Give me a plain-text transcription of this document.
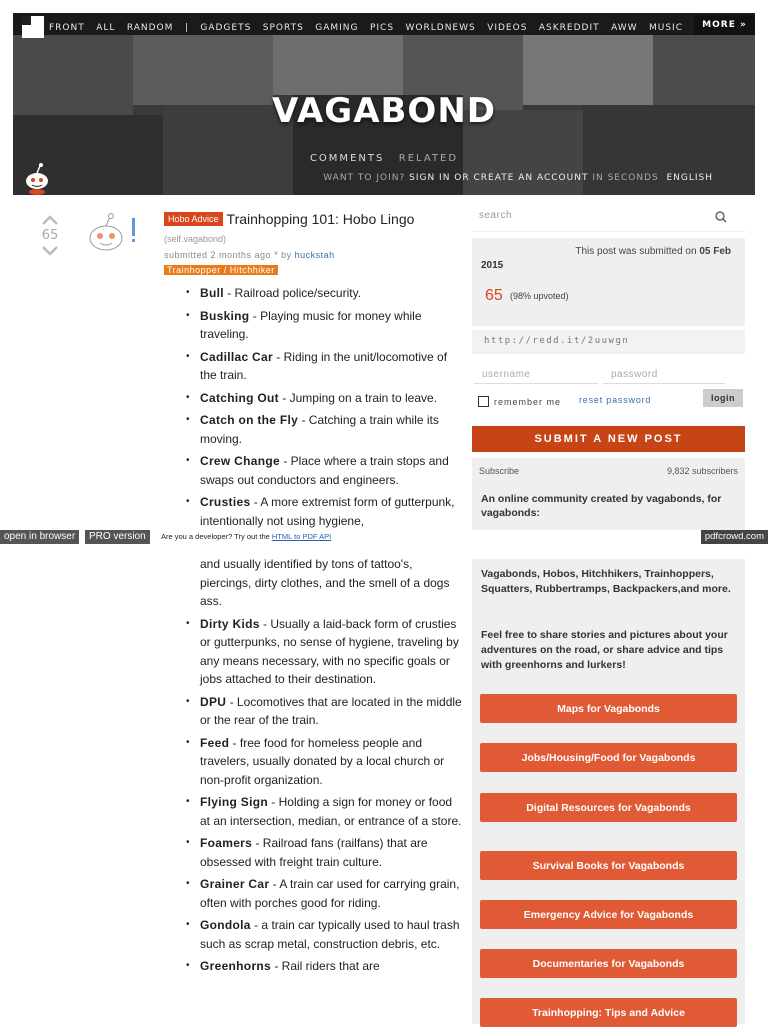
FRONT ALL RANDOM | GADGETS SPORTS GAMING PICS WORLDNEWS VIDEOS ASKREDDIT AWW MUSIC	MORE »
VAGABOND
COMMENTS RELATED
WANT TO JOIN? SIGN IN OR CREATE AN ACCOUNT IN SECONDS ENGLISH
65
Hobo Advice Trainhopping 101: Hobo Lingo
(self.vagabond)
submitted 2 months ago * by huckstah
Trainhopper / Hitchhiker
• Bull - Railroad police/security.
• Busking - Playing music for money while traveling.
• Cadillac Car - Riding in the unit/locomotive of the train.
• Catching Out - Jumping on a train to leave.
• Catch on the Fly - Catching a train while its moving.
• Crew Change - Place where a train stops and swaps out conductors and engineers.
• Crusties - A more extremist form of gutterpunk, intentionally not using hygiene,
and usually identified by tons of tattoo's, piercings, dirty clothes, and the smell of a dogs ass.
• Dirty Kids - Usually a laid-back form of crusties or gutterpunks, no sense of hygiene, traveling by any means necessary, with no specific goals or jobs attached to their destination.
• DPU - Locomotives that are located in the middle or the rear of the train.
• Feed - free food for homeless people and travelers, usually donated by a local church or non-profit organization.
• Flying Sign - Holding a sign for money or food at an intersection, median, or entrance of a store.
• Foamers - Railroad fans (railfans) that are obsessed with freight train culture.
• Grainer Car - A train car used for carrying grain, often with porches good for riding.
• Gondola - a train car typically used to haul trash such as scrap metal, construction debris, etc.
• Greenhorns - Rail riders that are
search
This post was submitted on 05 Feb
2015
65 (98% upvoted)
http://redd.it/2uuwgn
username	password
login
remember me reset password
SUBMIT A NEW POST
Subscribe	9,832 subscribers
An online community created by vagabonds, for vagabonds:

Vagabonds, Hobos, Hitchhikers, Trainhoppers, Squatters, Rubbertramps, Backpackers,and more.

Feel free to share stories and pictures about your adventures on the road, or share advice and tips with greenhorns and lurkers!

Maps for Vagabonds
Jobs/Housing/Food for Vagabonds
Digital Resources for Vagabonds
Survival Books for Vagabonds
Emergency Advice for Vagabonds
Documentaries for Vagabonds
Trainhopping: Tips and Advice
open in browser	PRO version	Are you a developer? Try out the HTML to PDF API	pdfcrowd.com
